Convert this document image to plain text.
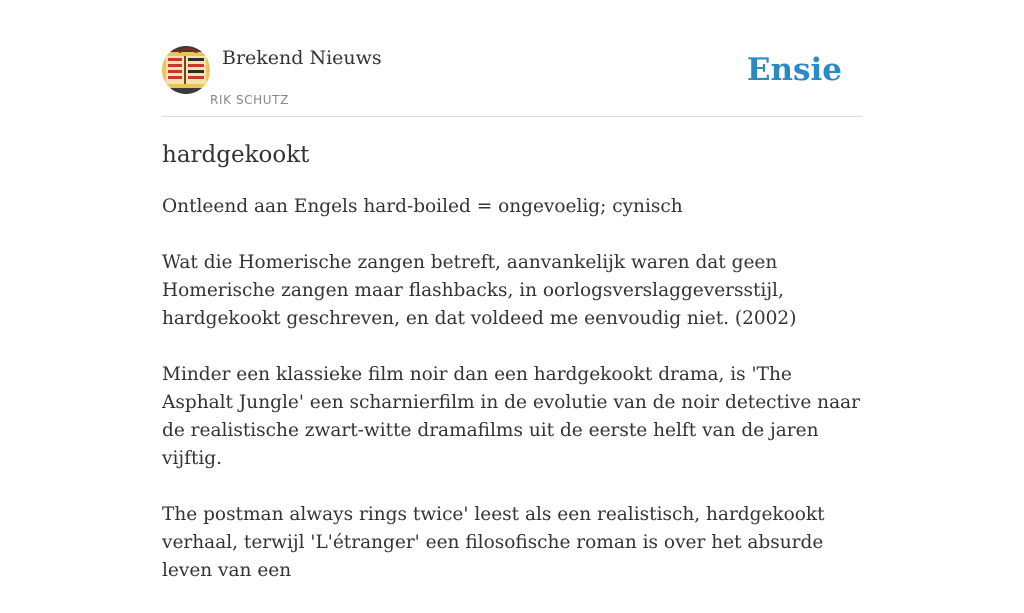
Brekend Nieuws
RIK SCHUTZ
Ensie
hardgekookt

Ontleend aan Engels hard-boiled = ongevoelig; cynisch

Wat die Homerische zangen betreft, aanvankelijk waren dat geen Homerische zangen maar flashbacks, in oorlogsverslaggeversstijl, hardgekookt geschreven, en dat voldeed me eenvoudig niet. (2002)

Minder een klassieke film noir dan een hardgekookt drama, is 'The Asphalt Jungle' een scharnierfilm in de evolutie van de noir detective naar de realistische zwart-witte dramafilms uit de eerste helft van de jaren vijftig.

The postman always rings twice' leest als een realistisch, hardgekookt verhaal, terwijl 'L'étranger' een filosofische roman is over het absurde leven van een
